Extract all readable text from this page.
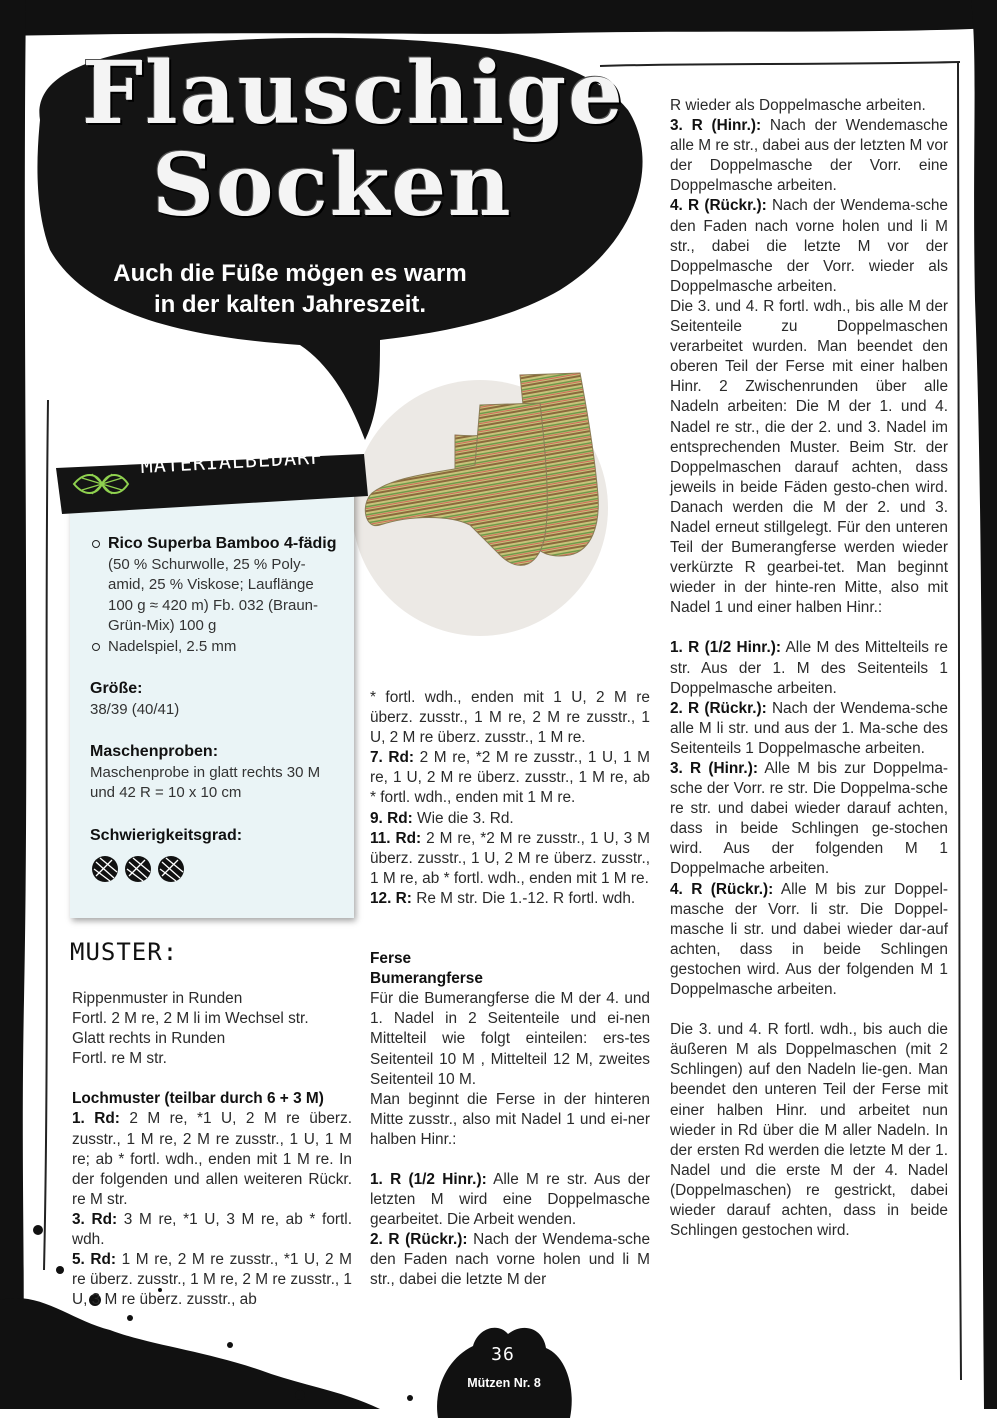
Flauschige
Socken
Auch die Füße mögen es warm
in der kalten Jahreszeit.
MATERIALBEDARF
Rico Superba Bamboo 4-fädig
(50 % Schurwolle, 25 % Poly-amid, 25 % Viskose; Lauflänge 100 g ≈ 420 m) Fb. 032 (Braun-Grün-Mix) 100 g
Nadelspiel, 2.5 mm
Größe:
38/39 (40/41)
Maschenproben:
Maschenprobe in glatt rechts 30 M und 42 R = 10 x 10 cm
Schwierigkeitsgrad:
MUSTER:

Rippenmuster in Runden

Fortl. 2 M re, 2 M li im Wechsel str.

Glatt rechts in Runden

Fortl. re M str.

Lochmuster (teilbar durch 6 + 3 M)

1. Rd: 2 M re, *1 U, 2 M re überz. zusstr., 1 M re, 2 M re zusstr., 1 U, 1 M re; ab * fortl. wdh., enden mit 1 M re. In der folgenden und allen weiteren Rückr. re M str.

3. Rd: 3 M re, *1 U, 3 M re, ab * fortl. wdh.

5. Rd: 1 M re, 2 M re zusstr., *1 U, 2 M re überz. zusstr., 1 M re, 2 M re zusstr., 1 U, 3 M re überz. zusstr., ab

* fortl. wdh., enden mit 1 U, 2 M re überz. zusstr., 1 M re, 2 M re zusstr., 1 U, 2 M re überz. zusstr., 1 M re.

7. Rd: 2 M re, *2 M re zusstr., 1 U, 1 M re, 1 U, 2 M re überz. zusstr., 1 M re, ab * fortl. wdh., enden mit 1 M re.

9. Rd: Wie die 3. Rd.

11. Rd: 2 M re, *2 M re zusstr., 1 U, 3 M überz. zusstr., 1 U, 2 M re überz. zusstr., 1 M re, ab * fortl. wdh., enden mit 1 M re.

12. R: Re M str. Die 1.-12. R fortl. wdh.

Ferse

Bumerangferse

Für die Bumerangferse die M der 4. und 1. Nadel in 2 Seitenteile und ei-nen Mittelteil wie folgt einteilen: ers-tes Seitenteil 10 M , Mittelteil 12 M, zweites Seitenteil 10 M.

Man beginnt die Ferse in der hinteren Mitte zusstr., also mit Nadel 1 und ei-ner halben Hinr.:

1. R (1/2 Hinr.): Alle M re str. Aus der letzten M wird eine Doppelmasche gearbeitet. Die Arbeit wenden.

2. R (Rückr.): Nach der Wendema-sche den Faden nach vorne holen und li M str., dabei die letzte M der

R wieder als Doppelmasche arbeiten.

3. R (Hinr.): Nach der Wendemasche alle M re str., dabei aus der letzten M vor der Doppelmasche der Vorr. eine Doppelmasche arbeiten.

4. R (Rückr.): Nach der Wendema-sche den Faden nach vorne holen und li M str., dabei die letzte M vor der Doppelmasche der Vorr. wieder als Doppelmasche arbeiten.

Die 3. und 4. R fortl. wdh., bis alle M der Seitenteile zu Doppelmaschen verarbeitet wurden. Man beendet den oberen Teil der Ferse mit einer halben Hinr. 2 Zwischenrunden über alle Nadeln arbeiten: Die M der 1. und 4. Nadel re str., die der 2. und 3. Nadel im entsprechenden Muster. Beim Str. der Doppelmaschen darauf achten, dass jeweils in beide Fäden gesto-chen wird. Danach werden die M der 2. und 3. Nadel erneut stillgelegt. Für den unteren Teil der Bumerangferse werden wieder verkürzte R gearbei-tet. Man beginnt wieder in der hinte-ren Mitte, also mit Nadel 1 und einer halben Hinr.:

1. R (1/2 Hinr.): Alle M des Mittelteils re str. Aus der 1. M des Seitenteils 1 Doppelmasche arbeiten.

2. R (Rückr.): Nach der Wendema-sche alle M li str. und aus der 1. Ma-sche des Seitenteils 1 Doppelmasche arbeiten.

3. R (Hinr.): Alle M bis zur Doppelma-sche der Vorr. re str. Die Doppelma-sche re str. und dabei wieder darauf achten, dass in beide Schlingen ge-stochen wird. Aus der folgenden M 1 Doppelmache arbeiten.

4. R (Rückr.): Alle M bis zur Doppel-masche der Vorr. li str. Die Doppel-masche li str. und dabei wieder dar-auf achten, dass in beide Schlingen gestochen wird. Aus der folgenden M 1 Doppelmasche arbeiten.

Die 3. und 4. R fortl. wdh., bis auch die äußeren M als Doppelmaschen (mit 2 Schlingen) auf den Nadeln lie-gen. Man beendet den unteren Teil der Ferse mit einer halben Hinr. und arbeitet nun wieder in Rd über die M aller Nadeln. In der ersten Rd werden die letzte M der 1. Nadel und die erste M der 4. Nadel (Doppelmaschen) re gestrickt, dabei wieder darauf achten, dass in beide Schlingen gestochen wird.

36
Mützen Nr. 8
